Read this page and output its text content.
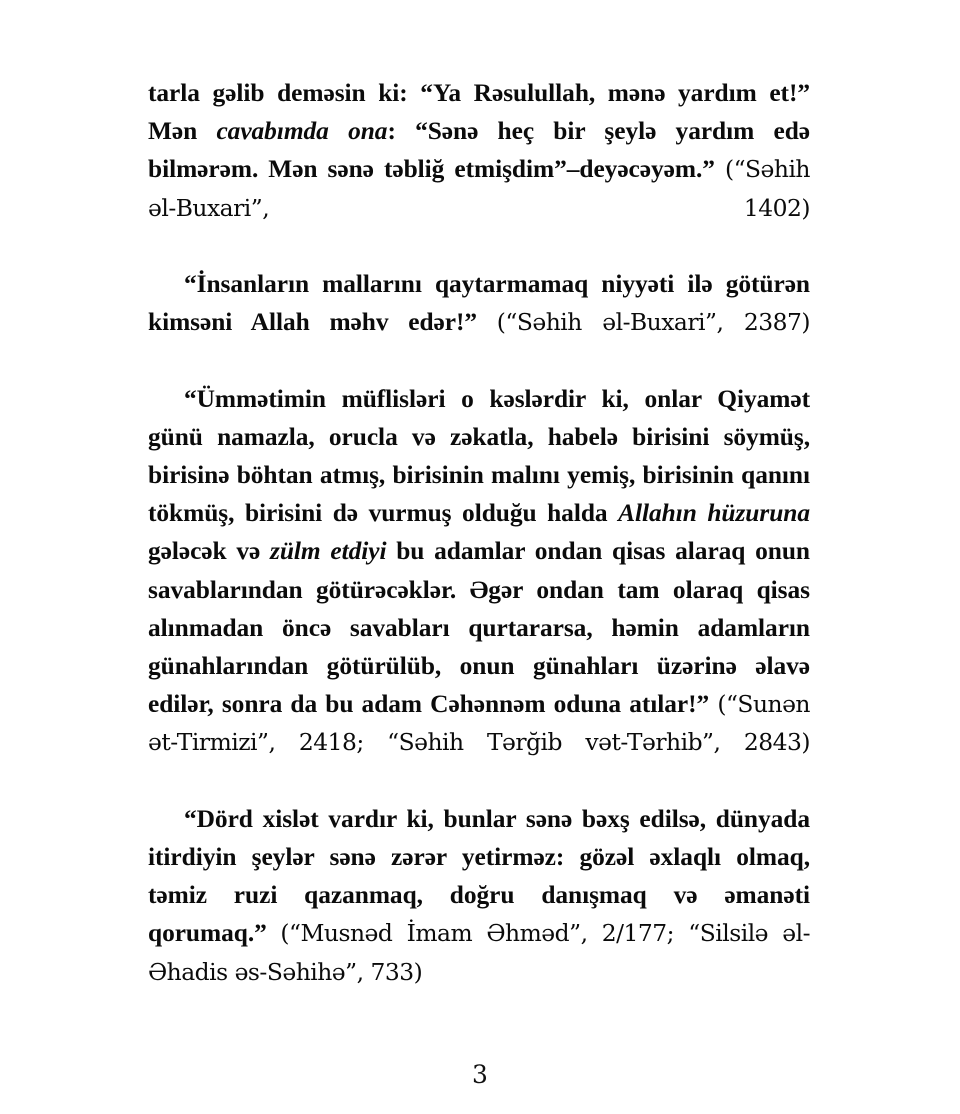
tarla gəlib deməsin ki: “Ya Rəsulullah, mənə yardım et!” Mən cavabımda ona: “Sənə heç bir şeylə yardım edə bilmərəm. Mən sənə təbliğ etmişdim”–deyəcəyəm.” (“Səhih əl-Buxari”, 1402)

“İnsanların mallarını qaytarmamaq niyyəti ilə götürən kimsəni Allah məhv edər!” (“Səhih əl-Buxari”, 2387)

“Ümmətimin müflisləri o kəslərdir ki, onlar Qiyamət günü namazla, orucla və zəkatla, habelə birisini söymüş, birisinə böhtan atmış, birisinin malını yemiş, birisinin qanını tökmüş, birisini də vurmuş olduğu halda Allahın hüzuruna gələcək və zülm etdiyi bu adamlar ondan qisas alaraq onun savablarından götürəcəklər. Əgər ondan tam olaraq qisas alınmadan öncə savabları qurtararsa, həmin adamların günahlarından götürülüb, onun günahları üzərinə əlavə edilər, sonra da bu adam Cəhənnəm oduna atılar!” (“Sunən ət-Tirmizi”, 2418; “Səhih Tərğib vət-Tərhib”, 2843)

“Dörd xislət vardır ki, bunlar sənə bəxş edilsə, dünyada itirdiyin şeylər sənə zərər yetirməz: gözəl əxlaqlı olmaq, təmiz ruzi qazanmaq, doğru danışmaq və əmanəti qorumaq.” (“Musnəd İmam Əhməd”, 2/177; “Silsilə əl-Əhadis əs-Səhihə”, 733)

3
